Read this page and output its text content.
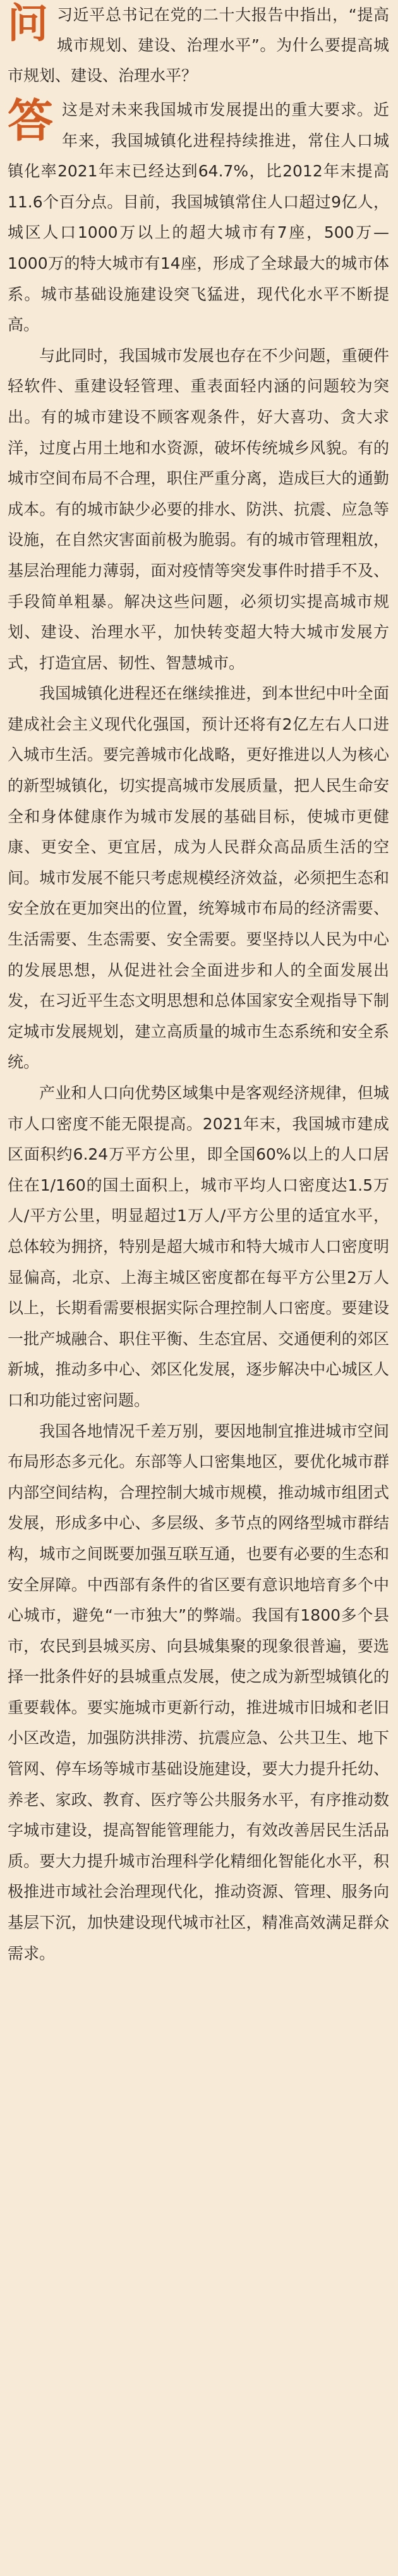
问 习近平总书记在党的二十大报告中指出，“提高城市规划、建设、治理水平”。为什么要提高城市规划、建设、治理水平？
答 这是对未来我国城市发展提出的重大要求。近年来，我国城镇化进程持续推进，常住人口城镇化率2021年末已经达到64.7%，比2012年末提高11.6个百分点。目前，我国城镇常住人口超过9亿人，城区人口1000万以上的超大城市有7座，500万—1000万的特大城市有14座，形成了全球最大的城市体系。城市基础设施建设突飞猛进，现代化水平不断提高。

与此同时，我国城市发展也存在不少问题，重硬件轻软件、重建设轻管理、重表面轻内涵的问题较为突出。有的城市建设不顾客观条件，好大喜功、贪大求洋，过度占用土地和水资源，破坏传统城乡风貌。有的城市空间布局不合理，职住严重分离，造成巨大的通勤成本。有的城市缺少必要的排水、防洪、抗震、应急等设施，在自然灾害面前极为脆弱。有的城市管理粗放，基层治理能力薄弱，面对疫情等突发事件时措手不及、手段简单粗暴。解决这些问题，必须切实提高城市规划、建设、治理水平，加快转变超大特大城市发展方式，打造宜居、韧性、智慧城市。

我国城镇化进程还在继续推进，到本世纪中叶全面建成社会主义现代化强国，预计还将有2亿左右人口进入城市生活。要完善城市化战略，更好推进以人为核心的新型城镇化，切实提高城市发展质量，把人民生命安全和身体健康作为城市发展的基础目标，使城市更健康、更安全、更宜居，成为人民群众高品质生活的空间。城市发展不能只考虑规模经济效益，必须把生态和安全放在更加突出的位置，统筹城市布局的经济需要、生活需要、生态需要、安全需要。要坚持以人民为中心的发展思想，从促进社会全面进步和人的全面发展出发，在习近平生态文明思想和总体国家安全观指导下制定城市发展规划，建立高质量的城市生态系统和安全系统。

产业和人口向优势区域集中是客观经济规律，但城市人口密度不能无限提高。2021年末，我国城市建成区面积约6.24万平方公里，即全国60%以上的人口居住在1/160的国土面积上，城市平均人口密度达1.5万人/平方公里，明显超过1万人/平方公里的适宜水平，总体较为拥挤，特别是超大城市和特大城市人口密度明显偏高，北京、上海主城区密度都在每平方公里2万人以上，长期看需要根据实际合理控制人口密度。要建设一批产城融合、职住平衡、生态宜居、交通便利的郊区新城，推动多中心、郊区化发展，逐步解决中心城区人口和功能过密问题。

我国各地情况千差万别，要因地制宜推进城市空间布局形态多元化。东部等人口密集地区，要优化城市群内部空间结构，合理控制大城市规模，推动城市组团式发展，形成多中心、多层级、多节点的网络型城市群结构，城市之间既要加强互联互通，也要有必要的生态和安全屏障。中西部有条件的省区要有意识地培育多个中心城市，避免“一市独大”的弊端。我国有1800多个县市，农民到县城买房、向县城集聚的现象很普遍，要选择一批条件好的县城重点发展，使之成为新型城镇化的重要载体。要实施城市更新行动，推进城市旧城和老旧小区改造，加强防洪排涝、抗震应急、公共卫生、地下管网、停车场等城市基础设施建设，要大力提升托幼、养老、家政、教育、医疗等公共服务水平，有序推动数字城市建设，提高智能管理能力，有效改善居民生活品质。要大力提升城市治理科学化精细化智能化水平，积极推进市域社会治理现代化，推动资源、管理、服务向基层下沉，加快建设现代城市社区，精准高效满足群众需求。
